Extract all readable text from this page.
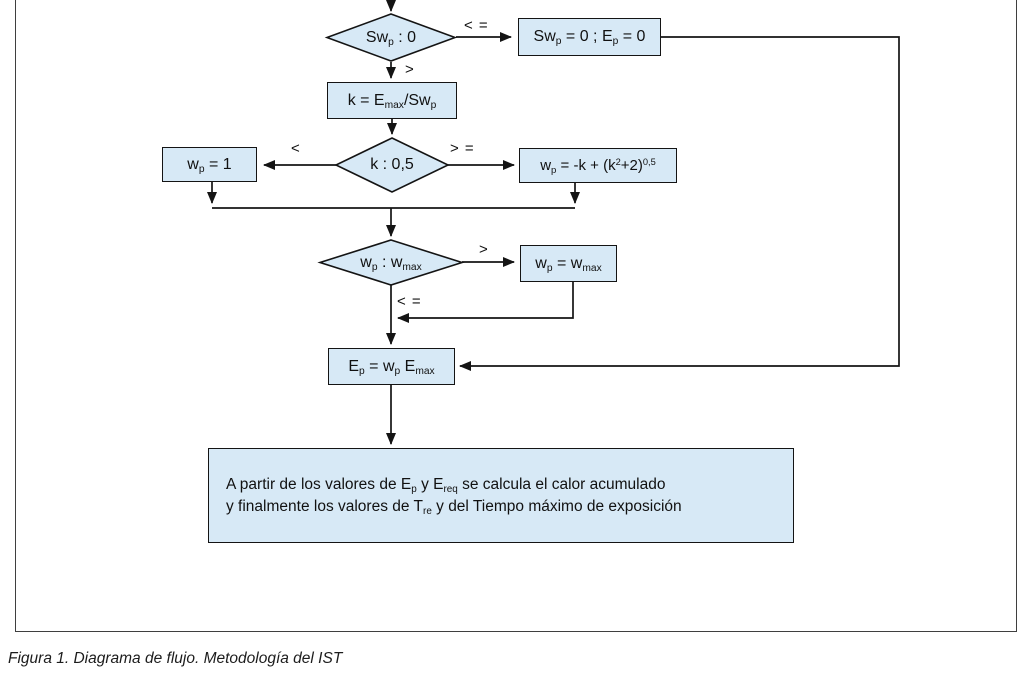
$Sw_p$ : 0
k : 0,5
$w_p$ : $w_{max}$
$Sw_p = 0$ ; $E_p = 0$
$k = E_{max}/Sw_p$
$w_p = 1$	$w_p = -k + (k^2+2)^{0,5}$
$w_p = w_{max}$
$E_p = w_p$ $E_{max}$
A partir de los valores de $E_p$ y $E_{req}$ se calcula el calor acumulado
y finalmente los valores de $T_{re}$ y del Tiempo máximo de exposición
< =
>
<	> =
>
< =
Figura 1. Diagrama de flujo. Metodología del IST
